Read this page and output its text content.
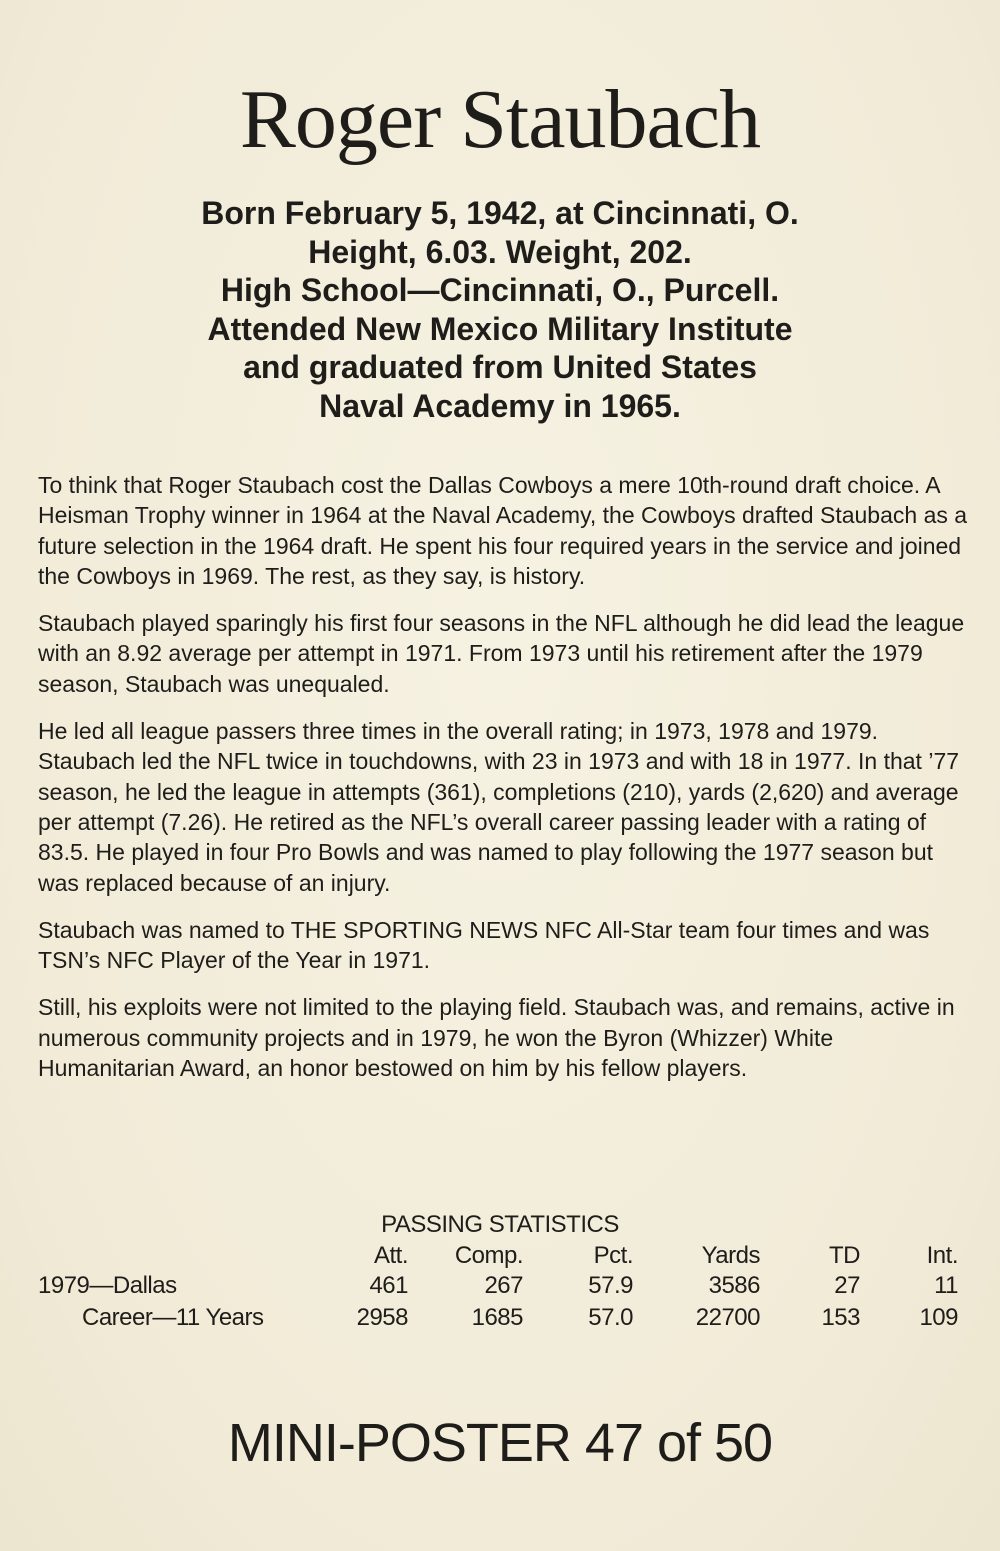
Roger Staubach
Born February 5, 1942, at Cincinnati, O.
Height, 6.03. Weight, 202.
High School—Cincinnati, O., Purcell.
Attended New Mexico Military Institute
and graduated from United States
Naval Academy in 1965.

To think that Roger Staubach cost the Dallas Cowboys a mere 10th-round draft choice. A Heisman Trophy winner in 1964 at the Naval Academy, the Cowboys drafted Staubach as a future selection in the 1964 draft. He spent his four required years in the service and joined the Cowboys in 1969. The rest, as they say, is history.

Staubach played sparingly his first four seasons in the NFL although he did lead the league with an 8.92 average per attempt in 1971. From 1973 until his retirement after the 1979 season, Staubach was unequaled.

He led all league passers three times in the overall rating; in 1973, 1978 and 1979. Staubach led the NFL twice in touchdowns, with 23 in 1973 and with 18 in 1977. In that ’77 season, he led the league in attempts (361), completions (210), yards (2,620) and average per attempt (7.26). He retired as the NFL’s overall career passing leader with a rating of 83.5. He played in four Pro Bowls and was named to play following the 1977 season but was replaced because of an injury.

Staubach was named to THE SPORTING NEWS NFC All-Star team four times and was TSN’s NFC Player of the Year in 1971.

Still, his exploits were not limited to the playing field. Staubach was, and remains, active in numerous community projects and in 1979, he won the Byron (Whizzer) White Humanitarian Award, an honor bestowed on him by his fellow players.

PASSING STATISTICS
Att. Comp.	Pct.	Yards	TD	Int.
1979—Dallas	461	267	57.9	3586	27	11
Career—11 Years	2958	1685	57.0	22700	153 109
MINI-POSTER 47 of 50
